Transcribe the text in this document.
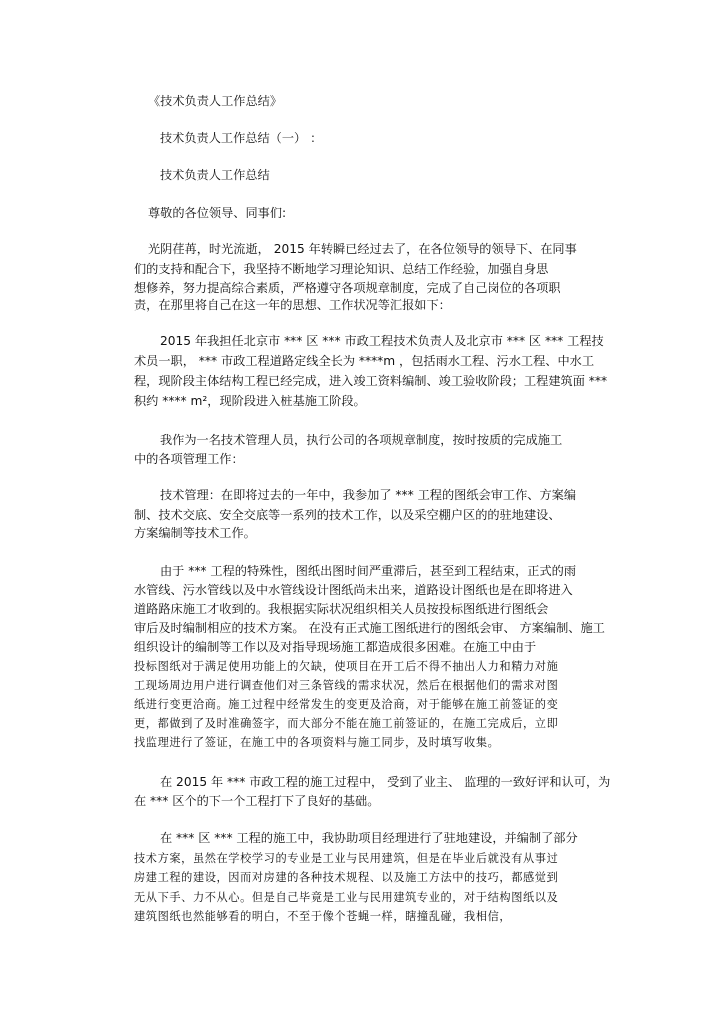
《技术负责人工作总结》
技术负责人工作总结（一） ：
技术负责人工作总结
尊敬的各位领导、同事们:
光阴荏苒，时光流逝， 2015 年转瞬已经过去了，在各位领导的领导下、在同事
们的支持和配合下，我坚持不断地学习理论知识、总结工作经验，加强自身思
想修养，努力提高综合素质，严格遵守各项规章制度，完成了自己岗位的各项职
责，在那里将自己在这一年的思想、工作状况等汇报如下：
2015 年我担任北京市 *** 区 *** 市政工程技术负责人及北京市 *** 区 *** 工程技
术员一职， *** 市政工程道路定线全长为 ****m ，包括雨水工程、污水工程、中水工
程，现阶段主体结构工程已经完成，进入竣工资料编制、竣工验收阶段；工程建筑面 ***
积约 **** m²，现阶段进入桩基施工阶段。
我作为一名技术管理人员，执行公司的各项规章制度，按时按质的完成施工
中的各项管理工作：
技术管理：在即将过去的一年中，我参加了 *** 工程的图纸会审工作、方案编
制、技术交底、安全交底等一系列的技术工作，以及采空棚户区的的驻地建设、
方案编制等技术工作。
由于 *** 工程的特殊性，图纸出图时间严重滞后，甚至到工程结束，正式的雨
水管线、污水管线以及中水管线设计图纸尚未出来，道路设计图纸也是在即将进入
道路路床施工才收到的。我根据实际状况组织相关人员按投标图纸进行图纸会
审后及时编制相应的技术方案。 在没有正式施工图纸进行的图纸会审、 方案编制、施工
组织设计的编制等工作以及对指导现场施工都造成很多困难。在施工中由于
投标图纸对于满足使用功能上的欠缺，使项目在开工后不得不抽出人力和精力对施
工现场周边用户进行调查他们对三条管线的需求状况，然后在根据他们的需求对图
纸进行变更洽商。施工过程中经常发生的变更及洽商，对于能够在施工前签证的变
更，都做到了及时准确签字，而大部分不能在施工前签证的，在施工完成后，立即
找监理进行了签证，在施工中的各项资料与施工同步，及时填写收集。
在 2015 年 *** 市政工程的施工过程中， 受到了业主、 监理的一致好评和认可，为
在 *** 区个的下一个工程打下了良好的基础。
在 *** 区 *** 工程的施工中，我协助项目经理进行了驻地建设，并编制了部分
技术方案，虽然在学校学习的专业是工业与民用建筑，但是在毕业后就没有从事过
房建工程的建设，因而对房建的各种技术规程、以及施工方法中的技巧，都感觉到
无从下手、力不从心。但是自己毕竟是工业与民用建筑专业的，对于结构图纸以及
建筑图纸也然能够看的明白，不至于像个苍蝇一样，瞎撞乱碰，我相信，
